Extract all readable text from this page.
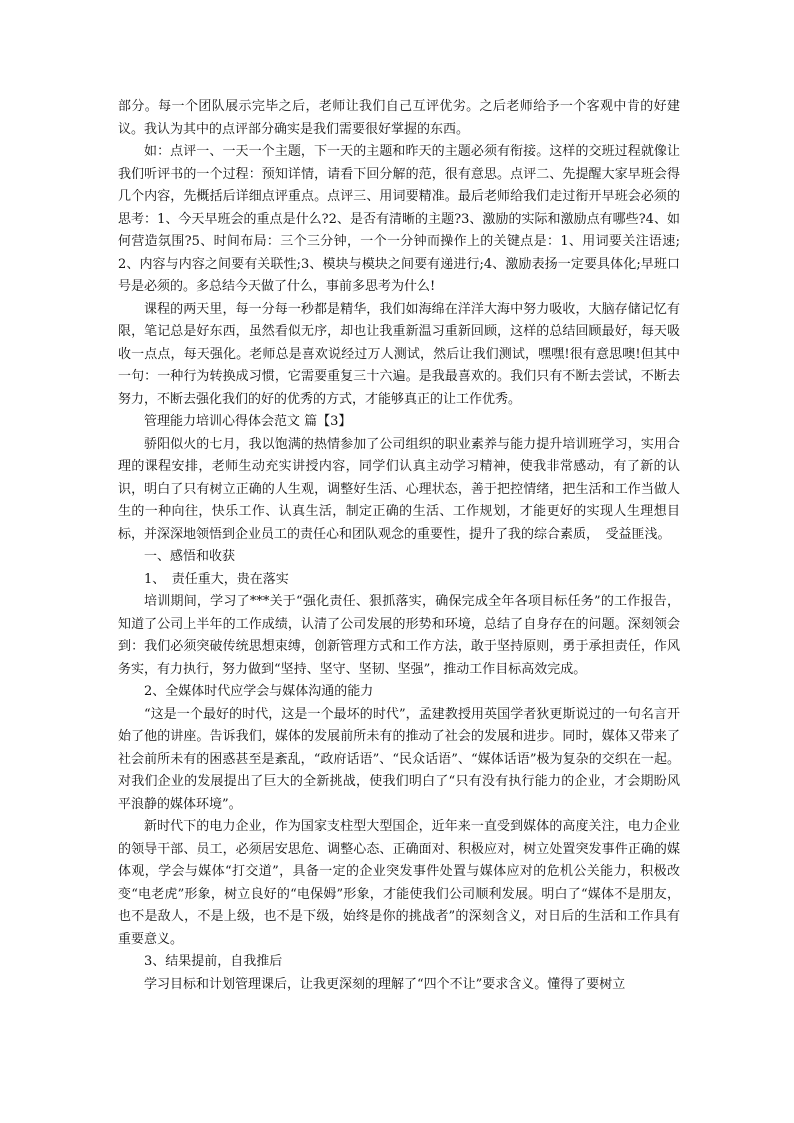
部分。每一个团队展示完毕之后，老师让我们自己互评优劣。之后老师给予一个客观中肯的好建议。我认为其中的点评部分确实是我们需要很好掌握的东西。

如：点评一、一天一个主题，下一天的主题和昨天的主题必须有衔接。这样的交班过程就像让我们听评书的一个过程：预知详情，请看下回分解的范，很有意思。点评二、先提醒大家早班会得几个内容，先概括后详细点评重点。点评三、用词要精准。最后老师给我们走过衔开早班会必须的思考：1、今天早班会的重点是什么?2、是否有清晰的主题?3、激励的实际和激励点有哪些?4、如何营造氛围?5、时间布局：三个三分钟，一个一分钟而操作上的关键点是：1、用词要关注语速;2、内容与内容之间要有关联性;3、模块与模块之间要有递进行;4、激励表扬一定要具体化;早班口号是必须的。多总结今天做了什么，事前多思考为什么!

课程的两天里，每一分每一秒都是精华，我们如海绵在洋洋大海中努力吸收，大脑存储记忆有限，笔记总是好东西，虽然看似无序，却也让我重新温习重新回顾，这样的总结回顾最好，每天吸收一点点，每天强化。老师总是喜欢说经过万人测试，然后让我们测试，嘿嘿!很有意思噢!但其中一句：一种行为转换成习惯，它需要重复三十六遍。是我最喜欢的。我们只有不断去尝试，不断去努力，不断去强化我们的好的优秀的方式，才能够真正的让工作优秀。

管理能力培训心得体会范文 篇【3】

骄阳似火的七月，我以饱满的热情参加了公司组织的职业素养与能力提升培训班学习，实用合理的课程安排，老师生动充实讲授内容，同学们认真主动学习精神，使我非常感动，有了新的认识，明白了只有树立正确的人生观，调整好生活、心理状态，善于把控情绪，把生活和工作当做人生的一种向往，快乐工作、认真生活，制定正确的生活、工作规划，才能更好的实现人生理想目标，并深深地领悟到企业员工的责任心和团队观念的重要性，提升了我的综合素质，　受益匪浅。

一、感悟和收获

1、　责任重大，贵在落实

培训期间，学习了***关于“强化责任、狠抓落实，确保完成全年各项目标任务”的工作报告，知道了公司上半年的工作成绩，认清了公司发展的形势和环境，总结了自身存在的问题。深刻领会到：我们必须突破传统思想束缚，创新管理方式和工作方法，敢于坚持原则，勇于承担责任，作风务实，有力执行，努力做到“坚持、坚守、坚韧、坚强”，推动工作目标高效完成。

2、全媒体时代应学会与媒体沟通的能力

“这是一个最好的时代，这是一个最坏的时代”，孟建教授用英国学者狄更斯说过的一句名言开始了他的讲座。告诉我们，媒体的发展前所未有的推动了社会的发展和进步。同时，媒体又带来了社会前所未有的困惑甚至是紊乱，“政府话语”、“民众话语”、“媒体话语”极为复杂的交织在一起。对我们企业的发展提出了巨大的全新挑战，使我们明白了“只有没有执行能力的企业，才会期盼风平浪静的媒体环境”。

新时代下的电力企业，作为国家支柱型大型国企，近年来一直受到媒体的高度关注，电力企业的领导干部、员工，必须居安思危、调整心态、正确面对、积极应对，树立处置突发事件正确的媒体观，学会与媒体“打交道”，具备一定的企业突发事件处置与媒体应对的危机公关能力，积极改变“电老虎”形象，树立良好的“电保姆”形象，才能使我们公司顺利发展。明白了“媒体不是朋友，也不是敌人，不是上级，也不是下级，始终是你的挑战者”的深刻含义，对日后的生活和工作具有重要意义。

3、结果提前，自我推后

学习目标和计划管理课后，让我更深刻的理解了“四个不让”要求含义。懂得了要树立
